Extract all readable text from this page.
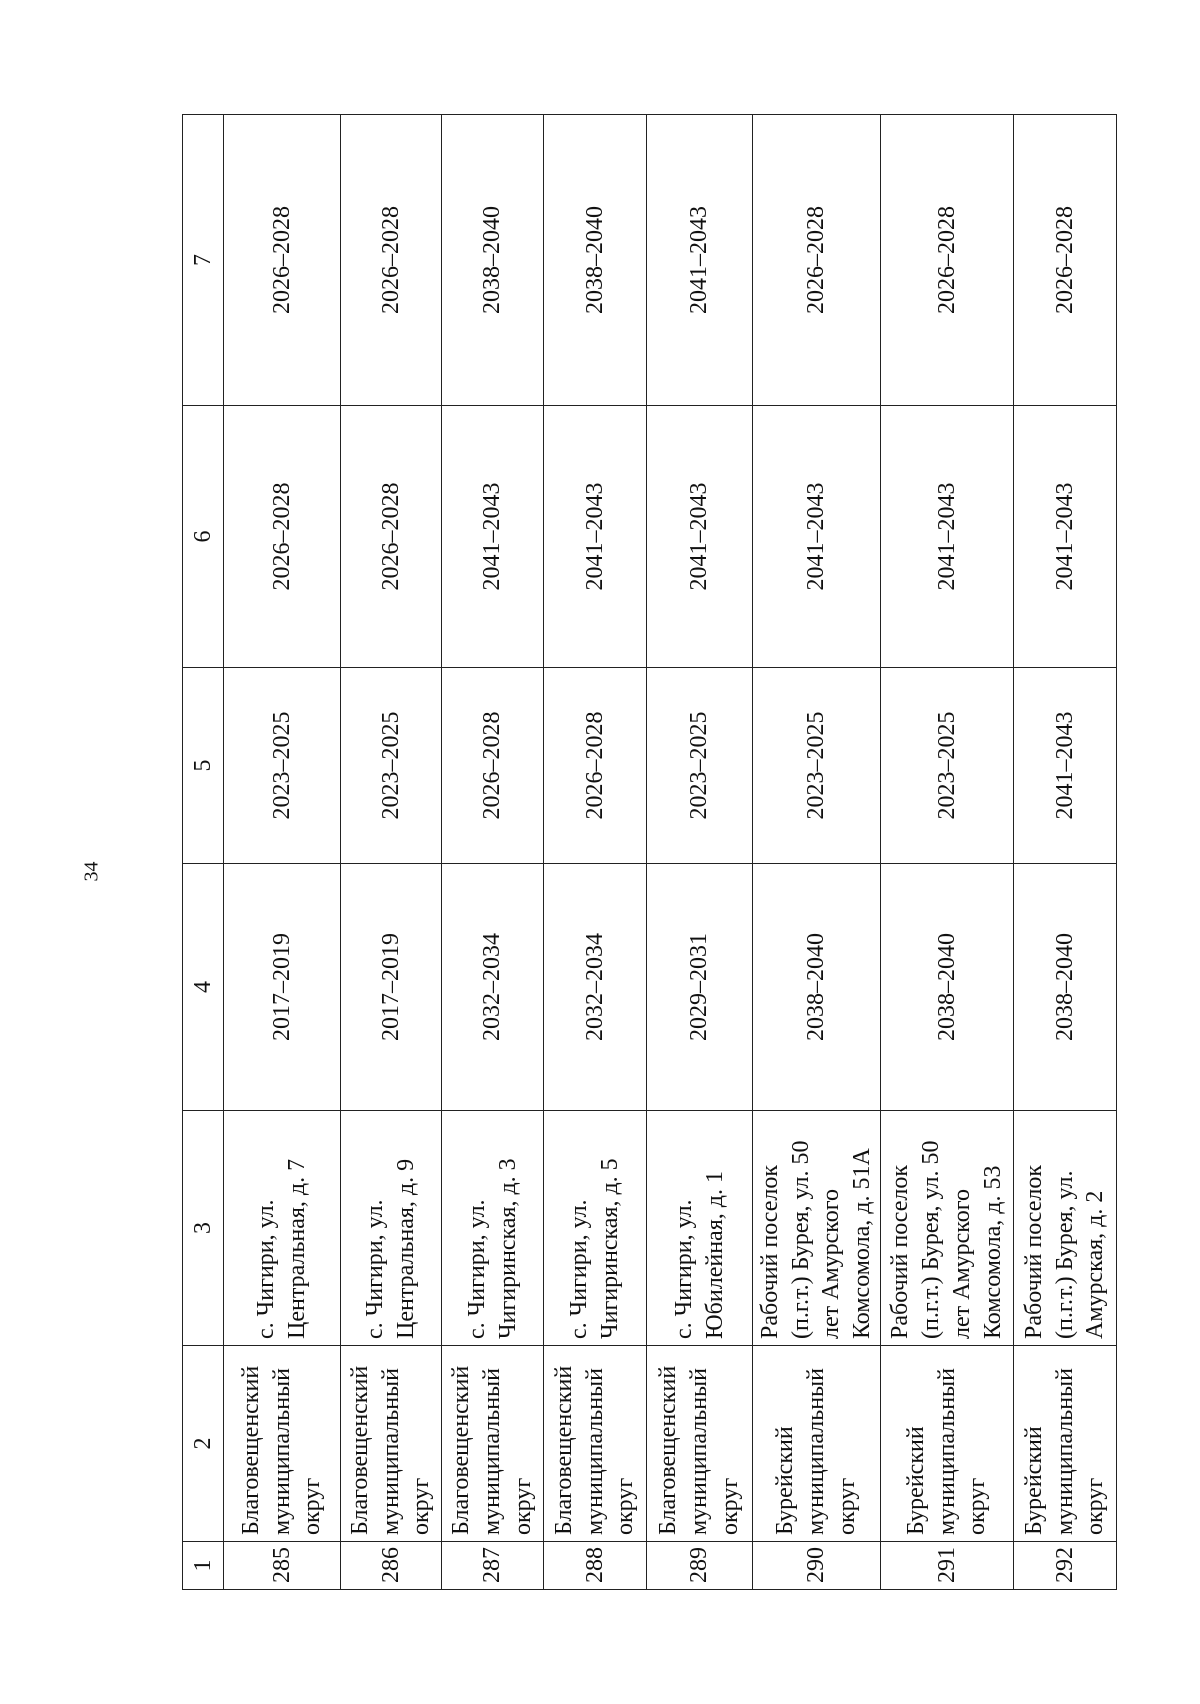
34
1	2	3	4	5	6	7
285	Благовещенский муниципальный округ	с. Чигири, ул. Центральная, д. 7	2017–2019	2023–2025	2026–2028	2026–2028
286	Благовещенский муниципальный округ	с. Чигири, ул. Центральная, д. 9	2017–2019	2023–2025	2026–2028	2026–2028
287	Благовещенский муниципальный округ	с. Чигири, ул. Чигиринская, д. 3	2032–2034	2026–2028	2041–2043	2038–2040
288	Благовещенский муниципальный округ	с. Чигири, ул. Чигиринская, д. 5	2032–2034	2026–2028	2041–2043	2038–2040
289	Благовещенский муниципальный округ	с. Чигири, ул. Юбилейная, д. 1	2029–2031	2023–2025	2041–2043	2041–2043
290	Бурейский муниципальный округ	Рабочий поселок (п.г.т.) Бурея, ул. 50 лет Амурского Комсомола, д. 51А	2038–2040	2023–2025	2041–2043	2026–2028
291	Бурейский муниципальный округ	Рабочий поселок (п.г.т.) Бурея, ул. 50 лет Амурского Комсомола, д. 53	2038–2040	2023–2025	2041–2043	2026–2028
292	Бурейский муниципальный округ	Рабочий поселок (п.г.т.) Бурея, ул. Амурская, д. 2	2038–2040	2041–2043	2041–2043	2026–2028
